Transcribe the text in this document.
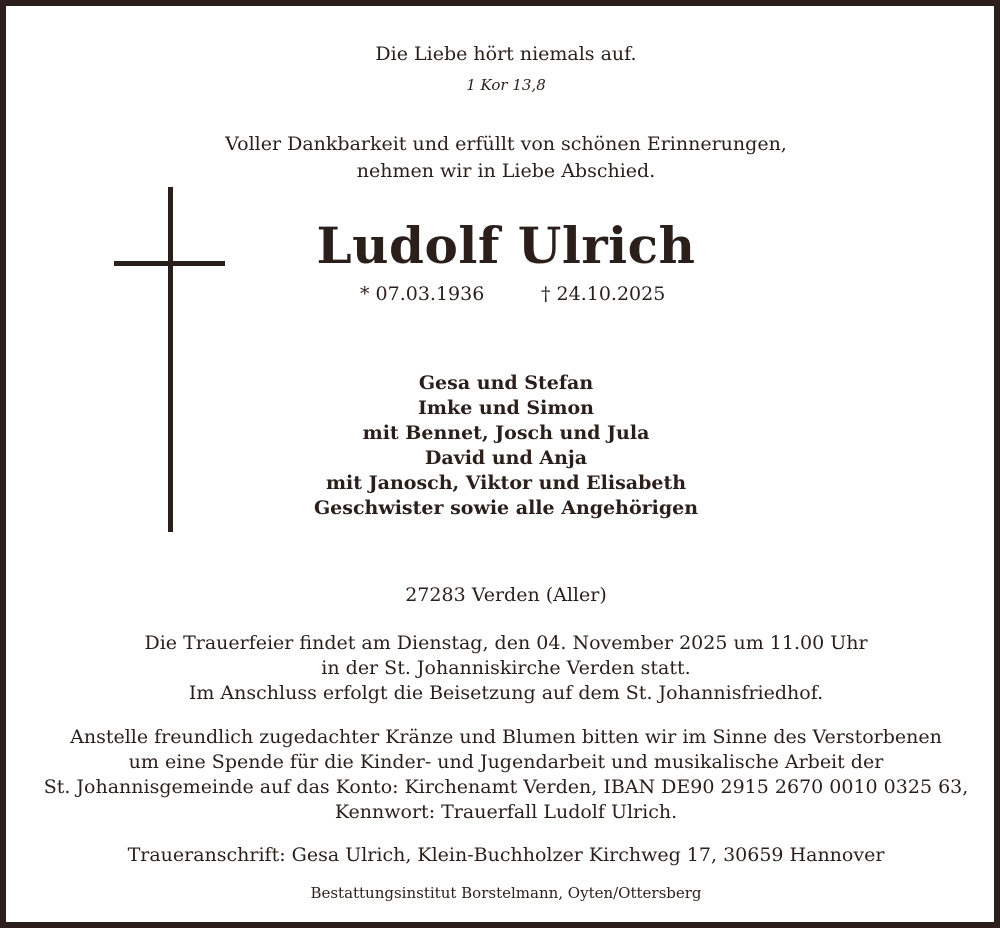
Die Liebe hört niemals auf.
1 Kor 13,8
Voller Dankbarkeit und erfüllt von schönen Erinnerungen,
nehmen wir in Liebe Abschied.
Ludolf Ulrich
* 07.03.1936	† 24.10.2025
Gesa und Stefan
Imke und Simon
mit Bennet, Josch und Jula
David und Anja
mit Janosch, Viktor und Elisabeth
Geschwister sowie alle Angehörigen
27283 Verden (Aller)
Die Trauerfeier findet am Dienstag, den 04. November 2025 um 11.00 Uhr
in der St. Johanniskirche Verden statt.
Im Anschluss erfolgt die Beisetzung auf dem St. Johannisfriedhof.
Anstelle freundlich zugedachter Kränze und Blumen bitten wir im Sinne des Verstorbenen
um eine Spende für die Kinder- und Jugendarbeit und musikalische Arbeit der
St. Johannisgemeinde auf das Konto: Kirchenamt Verden, IBAN DE90 2915 2670 0010 0325 63,
Kennwort: Trauerfall Ludolf Ulrich.
Traueranschrift: Gesa Ulrich, Klein-Buchholzer Kirchweg 17, 30659 Hannover
Bestattungsinstitut Borstelmann, Oyten/Ottersberg
